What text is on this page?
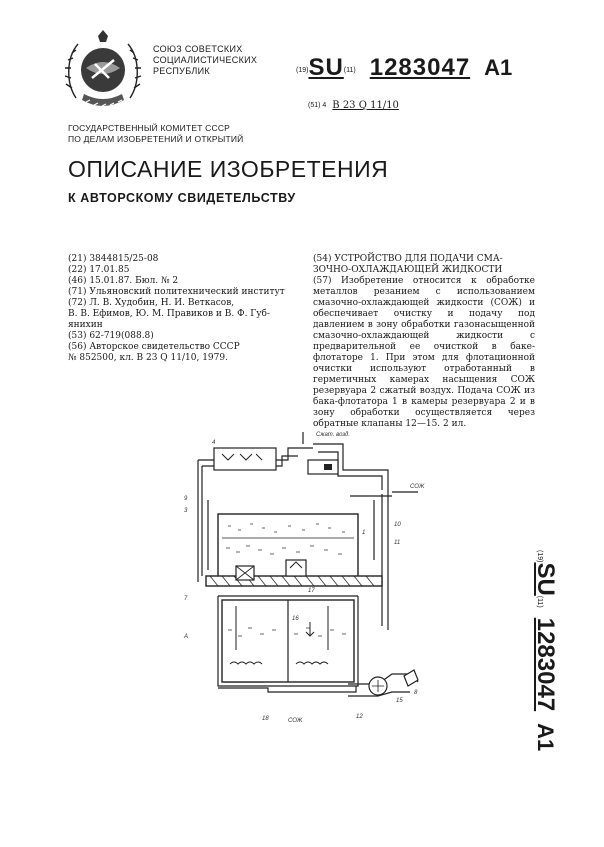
СОЮЗ СОВЕТСКИХ
СОЦИАЛИСТИЧЕСКИХ
РЕСПУБЛИК	(19)SU(11) 1283047 A1
(51) 4 В 23 Q 11/10
ГОСУДАРСТВЕННЫЙ КОМИТЕТ СССР
ПО ДЕЛАМ ИЗОБРЕТЕНИЙ И ОТКРЫТИЙ
ОПИСАНИЕ ИЗОБРЕТЕНИЯ
К АВТОРСКОМУ СВИДЕТЕЛЬСТВУ
(21) 3844815/25-08
(22) 17.01.85
(46) 15.01.87. Бюл. № 2
(71) Ульяновский политехнический институт
(72) Л. В. Худобин, Н. И. Веткасов,
В. В. Ефимов, Ю. М. Правиков и В. Ф. Губ-
янихин
(53) 62-719(088.8)
(56) Авторское свидетельство СССР
№ 852500, кл. В 23 Q 11/10, 1979.
(54) УСТРОЙСТВО ДЛЯ ПОДАЧИ СМА-ЗОЧНО-ОХЛАЖДАЮЩЕЙ ЖИДКОСТИ
(57) Изобретение относится к обработке металлов резанием с использованием смазочно-охлаждающей жидкости (СОЖ) и обеспечивает очистку и подачу под давлением в зону обработки газонасыщенной смазочно-охлаждающей жидкости с предварительной ее очисткой в баке-флотаторе 1. При этом для флотационной очистки используют отработанный в герметичных камерах насыщения СОЖ резервуара 2 сжатый воздух. Подача СОЖ из бака-флотатора 1 в камеры резервуара 2 и в зону обработки осуществляется через обратные клапаны 12—15. 2 ил.
(19)SU(11)1283047A1
Сжат. возд.
4
9
3
7
А
10
11
СОЖ
1
17
16
18	СОЖ
12
15
8
